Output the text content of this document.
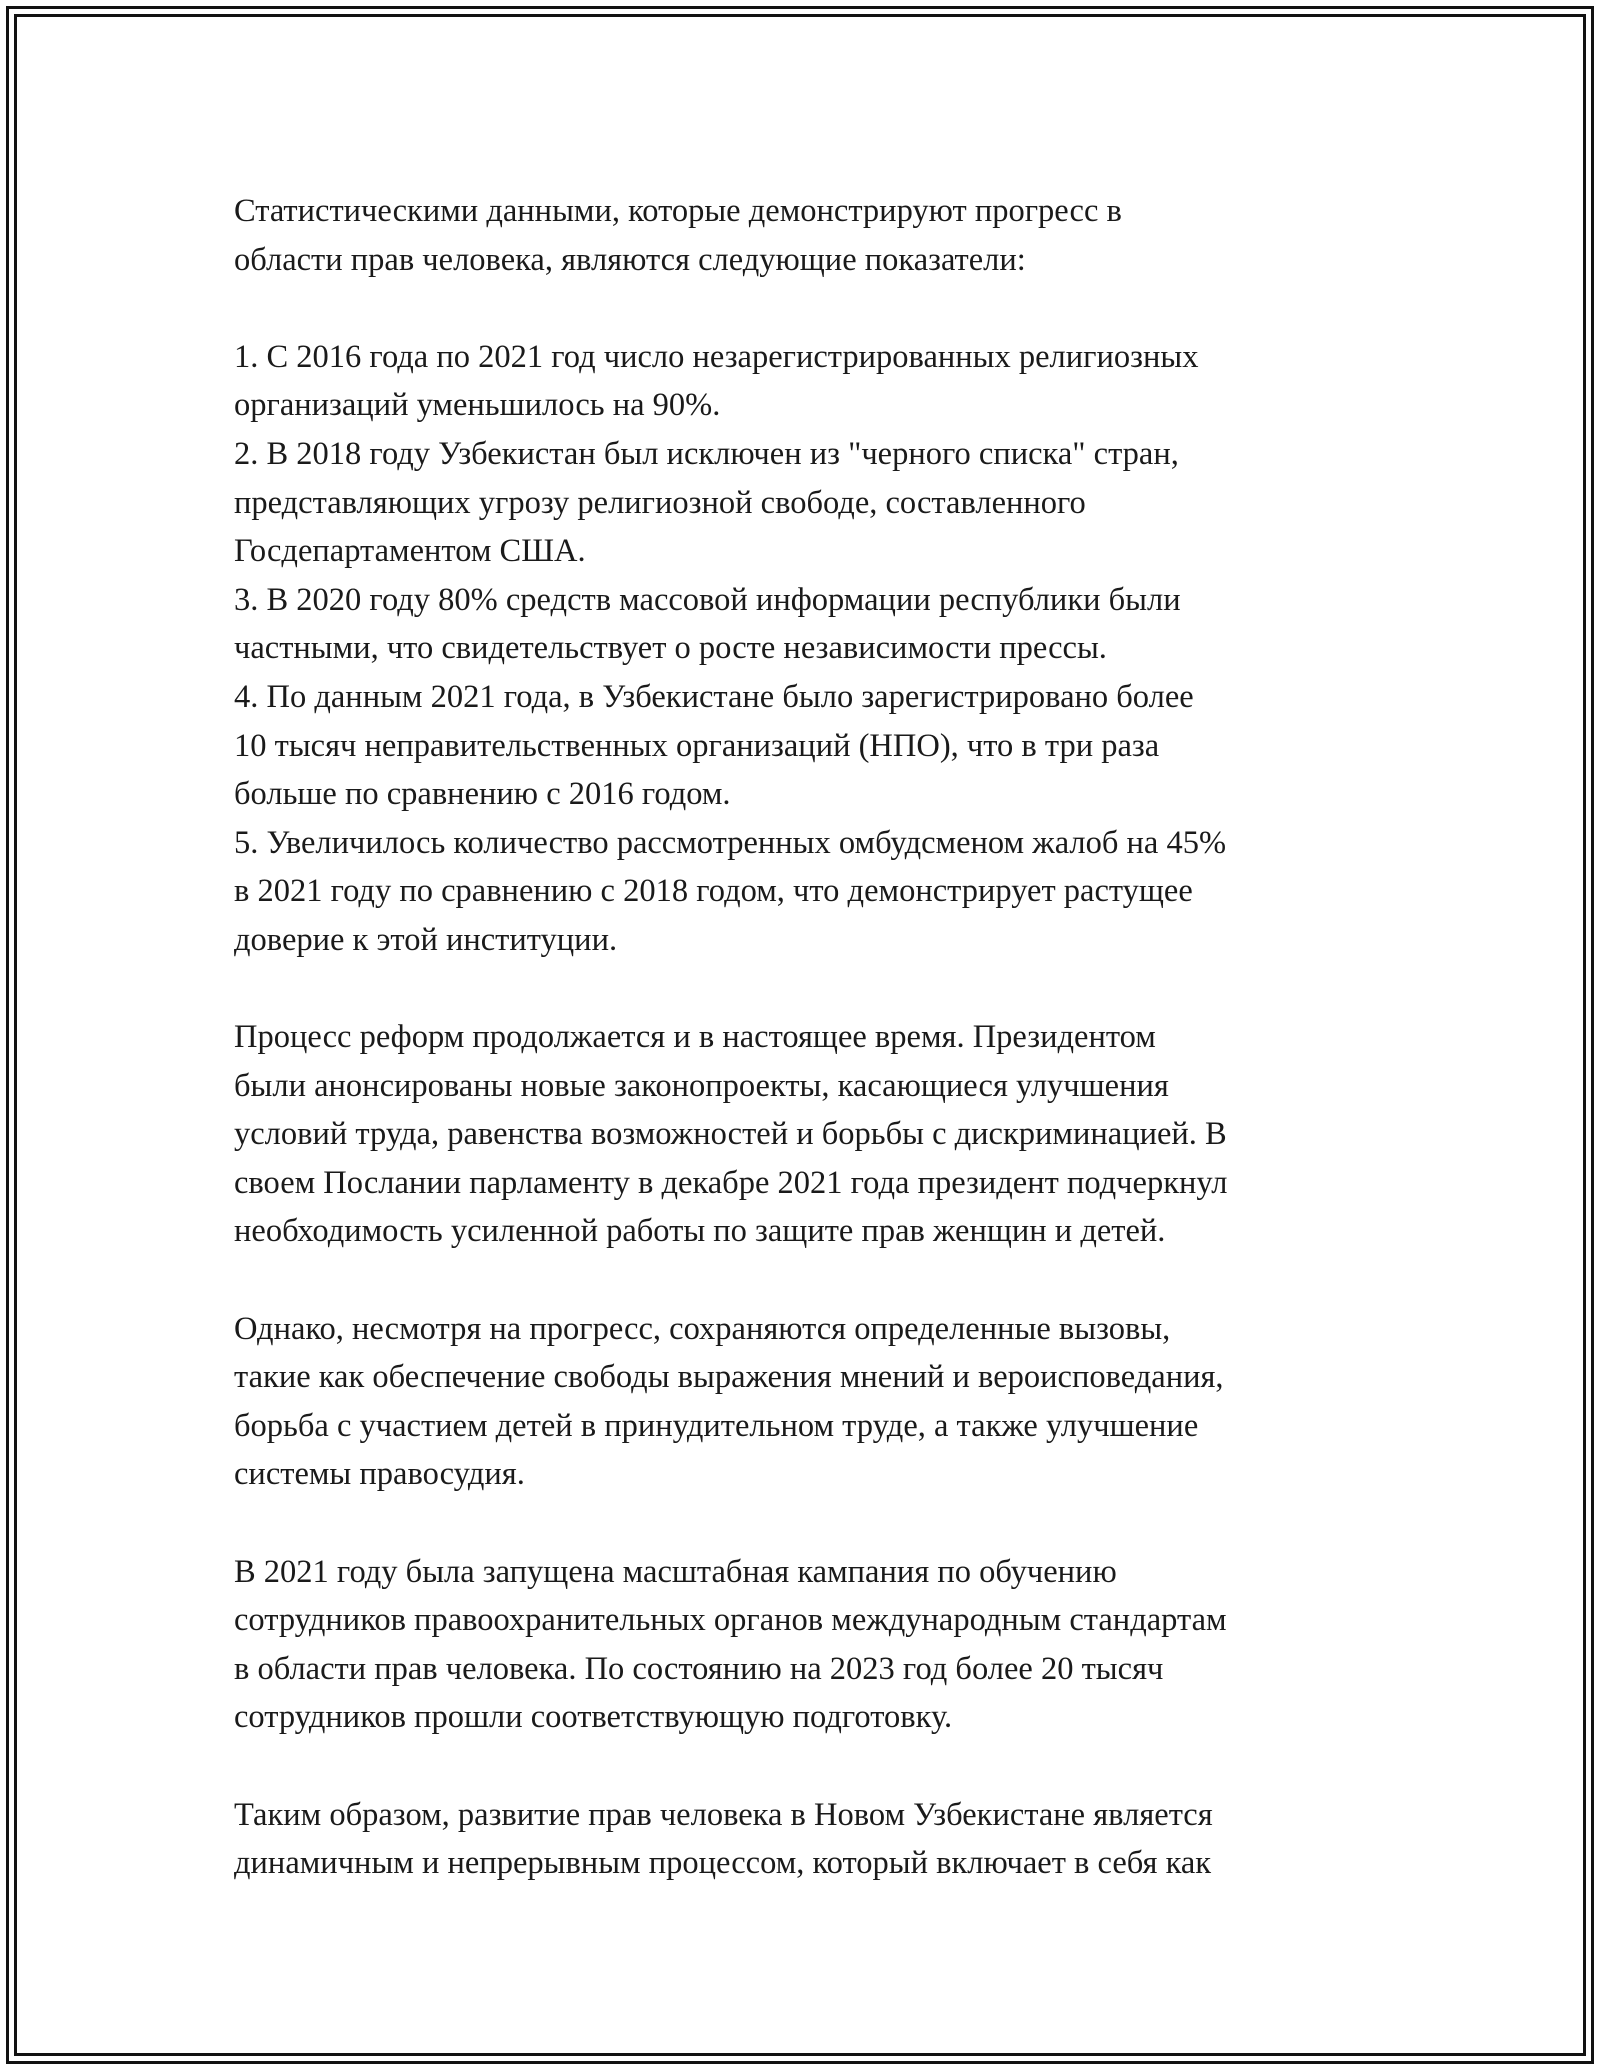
Статистическими данными, которые демонстрируют прогресс в
области прав человека, являются следующие показатели:

1. С 2016 года по 2021 год число незарегистрированных религиозных
организаций уменьшилось на 90%.
2. В 2018 году Узбекистан был исключен из "черного списка" стран,
представляющих угрозу религиозной свободе, составленного
Госдепартаментом США.
3. В 2020 году 80% средств массовой информации республики были
частными, что свидетельствует о росте независимости прессы.
4. По данным 2021 года, в Узбекистане было зарегистрировано более
10 тысяч неправительственных организаций (НПО), что в три раза
больше по сравнению с 2016 годом.
5. Увеличилось количество рассмотренных омбудсменом жалоб на 45%
в 2021 году по сравнению с 2018 годом, что демонстрирует растущее
доверие к этой институции.

Процесс реформ продолжается и в настоящее время. Президентом
были анонсированы новые законопроекты, касающиеся улучшения
условий труда, равенства возможностей и борьбы с дискриминацией. В
своем Послании парламенту в декабре 2021 года президент подчеркнул
необходимость усиленной работы по защите прав женщин и детей.

Однако, несмотря на прогресс, сохраняются определенные вызовы,
такие как обеспечение свободы выражения мнений и вероисповедания,
борьба с участием детей в принудительном труде, а также улучшение
системы правосудия.

В 2021 году была запущена масштабная кампания по обучению
сотрудников правоохранительных органов международным стандартам
в области прав человека. По состоянию на 2023 год более 20 тысяч
сотрудников прошли соответствующую подготовку.

Таким образом, развитие прав человека в Новом Узбекистане является
динамичным и непрерывным процессом, который включает в себя как
